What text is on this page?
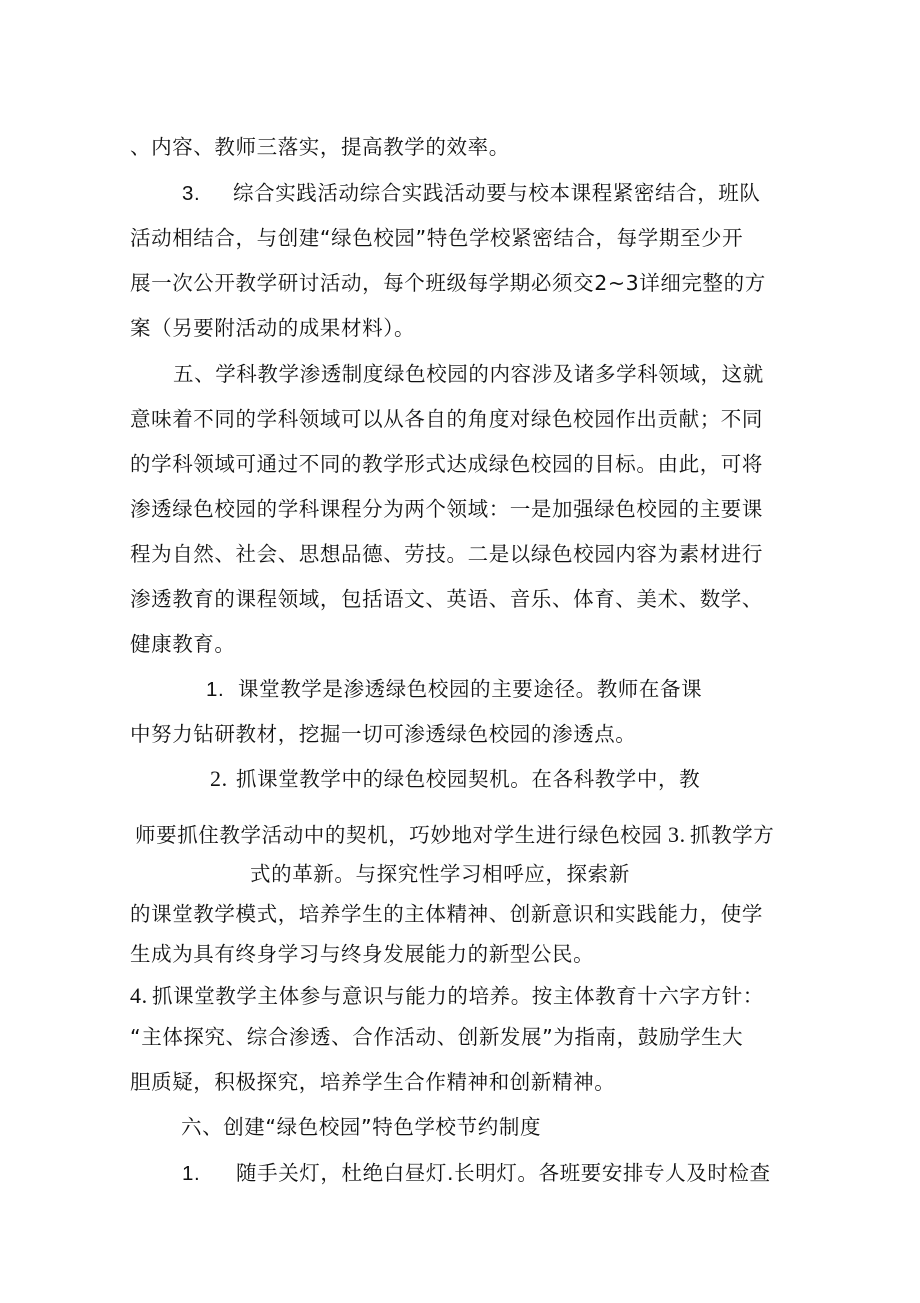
、内容、教师三落实，提高教学的效率。
3. 综合实践活动综合实践活动要与校本课程紧密结合，班队
活动相结合，与创建“绿色校园”特色学校紧密结合，每学期至少开
展一次公开教学研讨活动，每个班级每学期必须交2~3详细完整的方
案（另要附活动的成果材料）。
五、学科教学渗透制度绿色校园的内容涉及诸多学科领域，这就
意味着不同的学科领域可以从各自的角度对绿色校园作出贡献；不同
的学科领域可通过不同的教学形式达成绿色校园的目标。由此，可将
渗透绿色校园的学科课程分为两个领域：一是加强绿色校园的主要课
程为自然、社会、思想品德、劳技。二是以绿色校园内容为素材进行
渗透教育的课程领域，包括语文、英语、音乐、体育、美术、数学、
健康教育。
1. 课堂教学是渗透绿色校园的主要途径。教师在备课
中努力钻研教材，挖掘一切可渗透绿色校园的渗透点。
2. 抓课堂教学中的绿色校园契机。在各科教学中，教
师要抓住教学活动中的契机，巧妙地对学生进行绿色校园 3. 抓教学方
式的革新。与探究性学习相呼应，探索新
的课堂教学模式，培养学生的主体精神、创新意识和实践能力，使学
生成为具有终身学习与终身发展能力的新型公民。
4. 抓课堂教学主体参与意识与能力的培养。按主体教育十六字方针：
“主体探究、综合渗透、合作活动、创新发展”为指南，鼓励学生大
胆质疑，积极探究，培养学生合作精神和创新精神。
六、创建“绿色校园”特色学校节约制度
1. 随手关灯，杜绝白昼灯.长明灯。各班要安排专人及时检查
